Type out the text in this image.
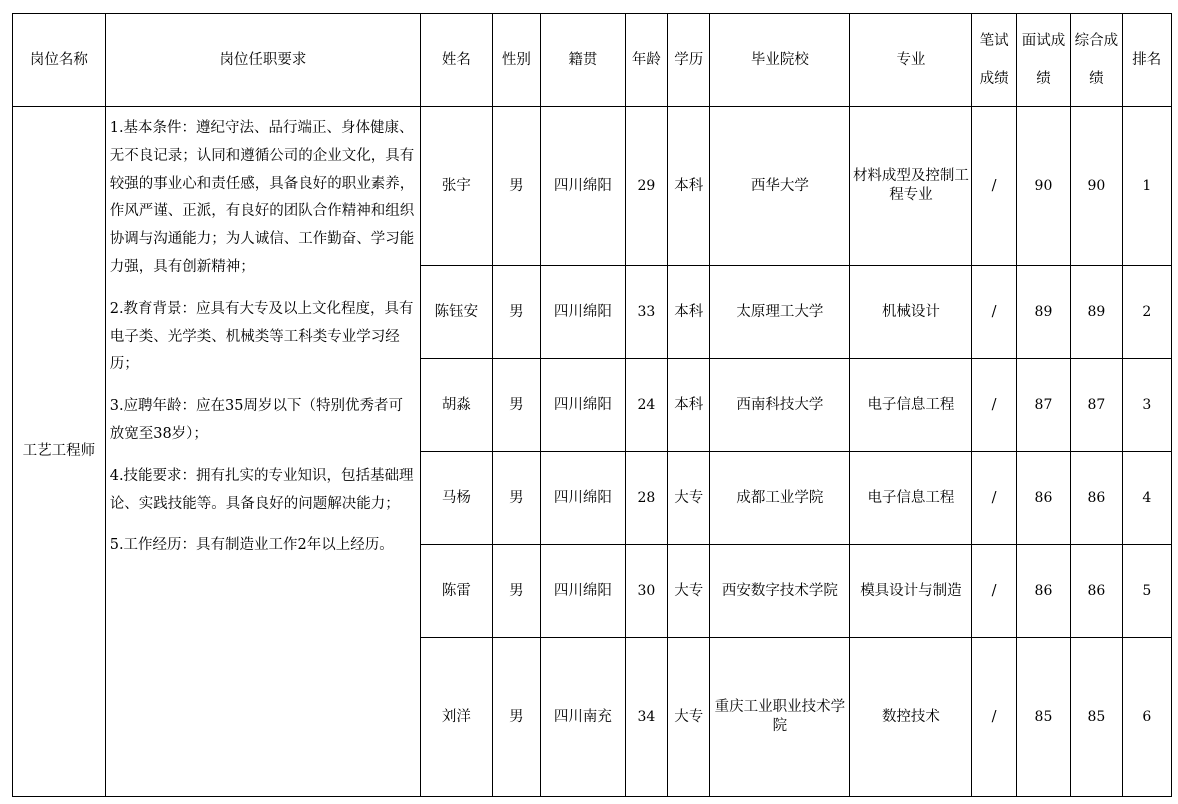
岗位名称	岗位任职要求	姓名	性别	籍贯	年龄	学历	毕业院校	专业	笔试成绩	面试成绩	综合成绩	排名
工艺工程师	1.基本条件：遵纪守法、品行端正、身体健康、无不良记录；认同和遵循公司的企业文化，具有较强的事业心和责任感，具备良好的职业素养，作风严谨、正派，有良好的团队合作精神和组织协调与沟通能力；为人诚信、工作勤奋、学习能力强，具有创新精神；

2.教育背景：应具有大专及以上文化程度，具有电子类、光学类、机械类等工科类专业学习经历；

3.应聘年龄：应在35周岁以下（特别优秀者可放宽至38岁）；

4.技能要求：拥有扎实的专业知识，包括基础理论、实践技能等。具备良好的问题解决能力；

5.工作经历：具有制造业工作2年以上经历。	张宇	男	四川绵阳	29	本科	西华大学	材料成型及控制工程专业	/	90	90	1
		陈钰安	男	四川绵阳	33	本科	太原理工大学	机械设计	/	89	89	2
		胡淼	男	四川绵阳	24	本科	西南科技大学	电子信息工程	/	87	87	3
		马杨	男	四川绵阳	28	大专	成都工业学院	电子信息工程	/	86	86	4
		陈雷	男	四川绵阳	30	大专	西安数字技术学院	模具设计与制造	/	86	86	5
		刘洋	男	四川南充	34	大专	重庆工业职业技术学院	数控技术	/	85	85	6
